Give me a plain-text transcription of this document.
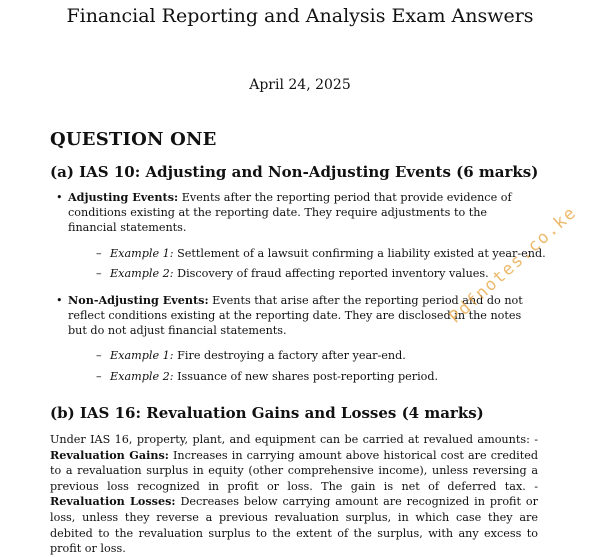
Financial Reporting and Analysis Exam Answers
April 24, 2025
QUESTION ONE
(a) IAS 10: Adjusting and Non-Adjusting Events (6 marks)
• Adjusting Events: Events after the reporting period that provide evidence of conditions existing at the reporting date. They require adjustments to the financial statements.
– Example 1: Settlement of a lawsuit confirming a liability existed at year-end.
– Example 2: Discovery of fraud affecting reported inventory values.
• Non-Adjusting Events: Events that arise after the reporting period and do not reflect conditions existing at the reporting date. They are disclosed in the notes but do not adjust financial statements.
– Example 1: Fire destroying a factory after year-end.
– Example 2: Issuance of new shares post-reporting period.
(b) IAS 16: Revaluation Gains and Losses (4 marks)
Under IAS 16, property, plant, and equipment can be carried at revalued amounts: - Revaluation Gains: Increases in carrying amount above historical cost are credited to a revaluation surplus in equity (other comprehensive income), unless reversing a previous loss recognized in profit or loss. The gain is net of deferred tax. - Revaluation Losses: Decreases below carrying amount are recognized in profit or loss, unless they reverse a previous revaluation surplus, in which case they are debited to the revaluation surplus to the extent of the surplus, with any excess to profit or loss.
Pdfnotes.co.ke
